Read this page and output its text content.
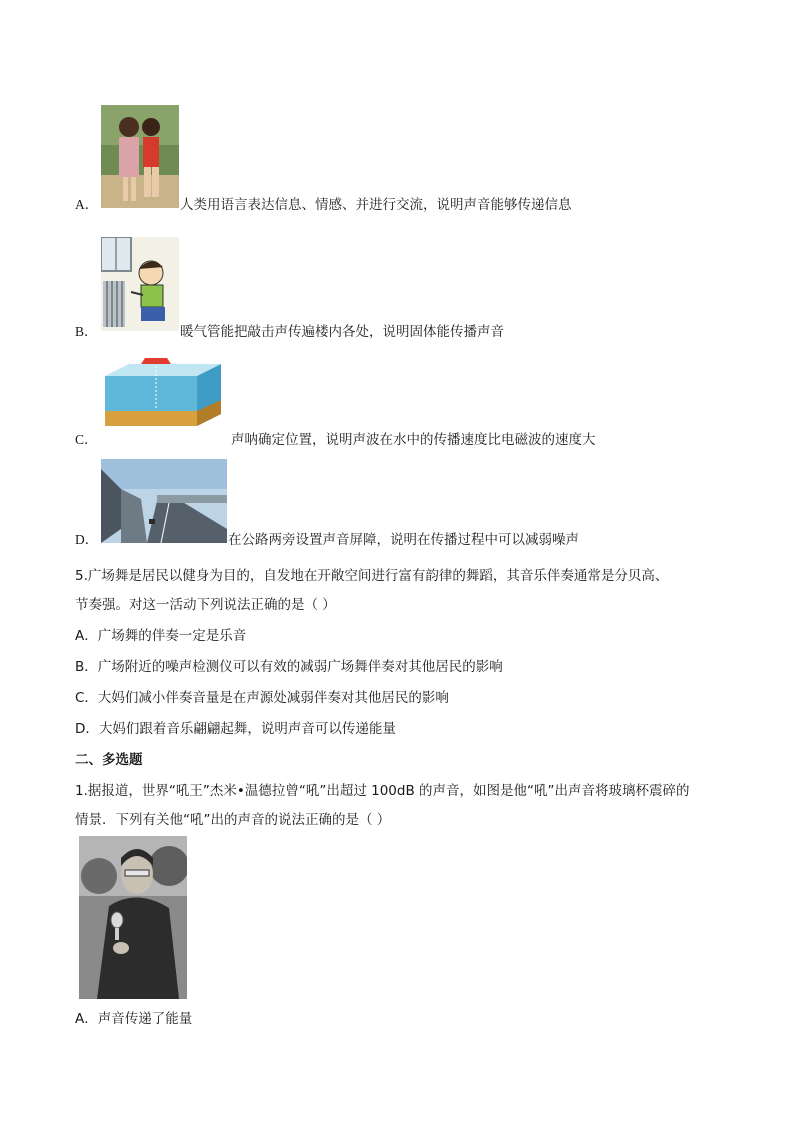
A．	人类用语言表达信息、情感、并进行交流，说明声音能够传递信息
B．	暖气管能把敲击声传遍楼内各处，说明固体能传播声音
C．	声呐确定位置，说明声波在水中的传播速度比电磁波的速度大
D．	在公路两旁设置声音屏障，说明在传播过程中可以减弱噪声
5.广场舞是居民以健身为目的，自发地在开敞空间进行富有韵律的舞蹈，其音乐伴奏通常是分贝高、
节奏强。对这一活动下列说法正确的是（ ）
A．广场舞的伴奏一定是乐音
B．广场附近的噪声检测仪可以有效的减弱广场舞伴奏对其他居民的影响
C．大妈们减小伴奏音量是在声源处减弱伴奏对其他居民的影响
D．大妈们跟着音乐翩翩起舞，说明声音可以传递能量
二、多选题
1.据报道，世界“吼王”杰米•温德拉曾“吼”出超过 100dB 的声音，如图是他“吼”出声音将玻璃杯震碎的
情景．下列有关他“吼”出的声音的说法正确的是（ ）
A．声音传递了能量
